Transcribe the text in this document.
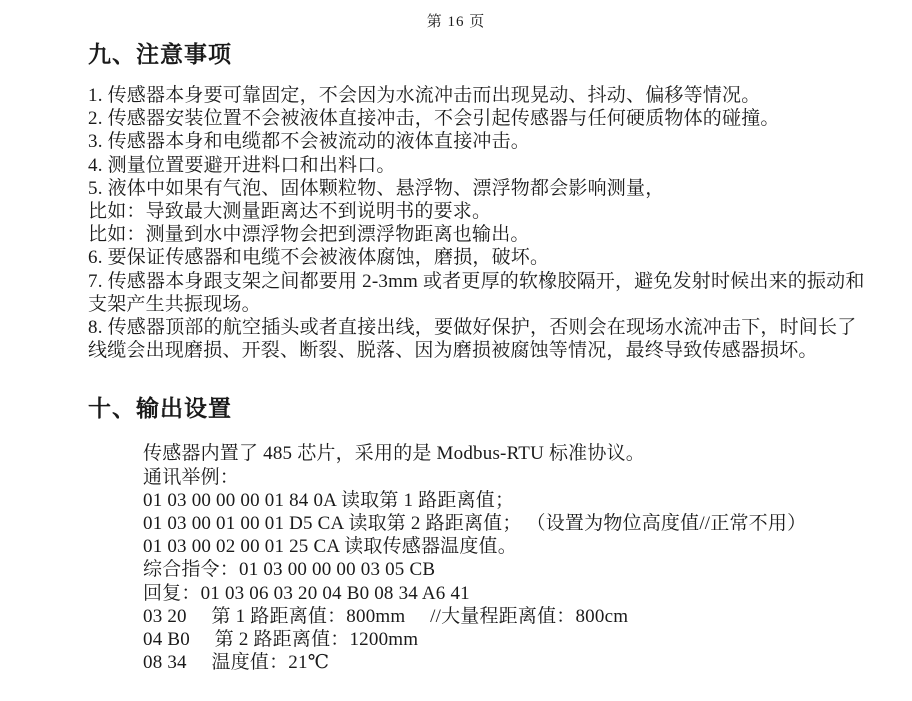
第 16 页
九、注意事项
1. 传感器本身要可靠固定，不会因为水流冲击而出现晃动、抖动、偏移等情况。
2. 传感器安装位置不会被液体直接冲击，不会引起传感器与任何硬质物体的碰撞。
3. 传感器本身和电缆都不会被流动的液体直接冲击。
4. 测量位置要避开进料口和出料口。
5. 液体中如果有气泡、固体颗粒物、悬浮物、漂浮物都会影响测量，
比如：导致最大测量距离达不到说明书的要求。
比如：测量到水中漂浮物会把到漂浮物距离也输出。
6. 要保证传感器和电缆不会被液体腐蚀，磨损，破坏。
7. 传感器本身跟支架之间都要用 2-3mm 或者更厚的软橡胶隔开，避免发射时候出来的振动和
支架产生共振现场。
8. 传感器顶部的航空插头或者直接出线，要做好保护，否则会在现场水流冲击下，时间长了
线缆会出现磨损、开裂、断裂、脱落、因为磨损被腐蚀等情况，最终导致传感器损坏。
十、输出设置
传感器内置了 485 芯片，采用的是 Modbus-RTU 标准协议。
通讯举例：
01 03 00 00 00 01 84 0A 读取第 1 路距离值；
01 03 00 01 00 01 D5 CA 读取第 2 路距离值； （设置为物位高度值//正常不用）
01 03 00 02 00 01 25 CA 读取传感器温度值。
综合指令：01 03 00 00 00 03 05 CB
回复：01 03 06 03 20 04 B0 08 34 A6 41
03 20     第 1 路距离值：800mm     //大量程距离值：800cm
04 B0     第 2 路距离值：1200mm
08 34     温度值：21℃
